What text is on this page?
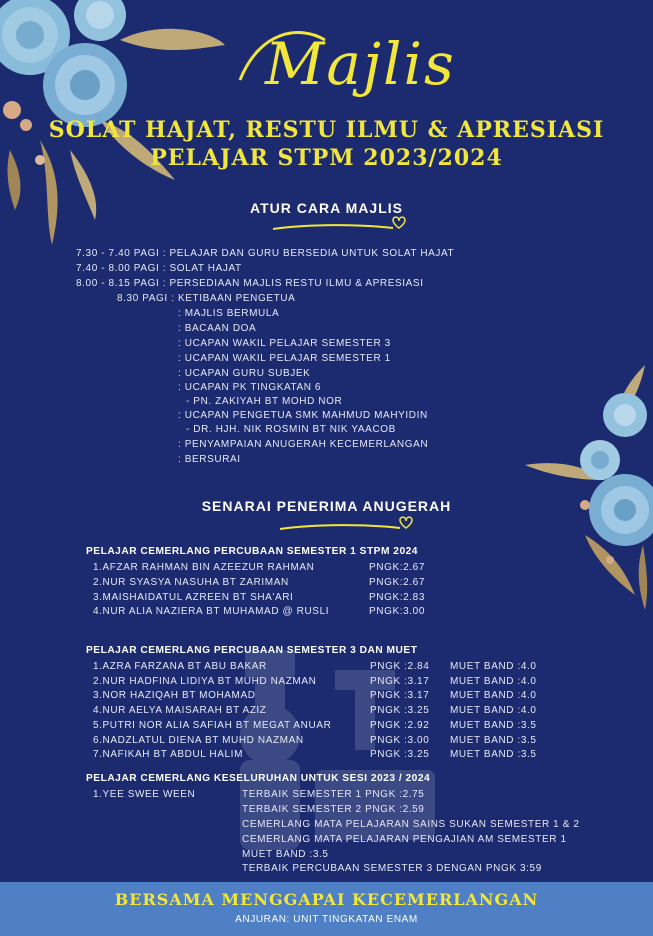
Majlis
SOLAT HAJAT, RESTU ILMU & APRESIASI
PELAJAR STPM 2023/2024
ATUR CARA MAJLIS
7.30 - 7.40 PAGI : PELAJAR DAN GURU BERSEDIA UNTUK SOLAT HAJAT
7.40 - 8.00 PAGI : SOLAT HAJAT
8.00 - 8.15 PAGI : PERSEDIAAN MAJLIS RESTU ILMU & APRESIASI
8.30 PAGI : KETIBAAN PENGETUA
: MAJLIS BERMULA
: BACAAN DOA
: UCAPAN WAKIL PELAJAR SEMESTER 3
: UCAPAN WAKIL PELAJAR SEMESTER 1
: UCAPAN GURU SUBJEK
: UCAPAN PK TINGKATAN 6
- PN. ZAKIYAH BT MOHD NOR
: UCAPAN PENGETUA SMK MAHMUD MAHYIDIN
- DR. HJH. NIK ROSMIN BT NIK YAACOB
: PENYAMPAIAN ANUGERAH KECEMERLANGAN
: BERSURAI
SENARAI PENERIMA ANUGERAH
PELAJAR CEMERLANG PERCUBAAN SEMESTER 1 STPM 2024
1.AFZAR RAHMAN BIN AZEEZUR RAHMAN	PNGK:2.67
2.NUR SYASYA NASUHA BT ZARIMAN	PNGK:2.67
3.MAISHAIDATUL AZREEN BT SHA'ARI	PNGK:2.83
4.NUR ALIA NAZIERA BT MUHAMAD @ RUSLI	PNGK:3.00
PELAJAR CEMERLANG PERCUBAAN SEMESTER 3 DAN MUET
1.AZRA FARZANA BT ABU BAKAR	PNGK :2.84 MUET BAND :4.0
2.NUR HADFINA LIDIYA BT MUHD NAZMAN	PNGK :3.17 MUET BAND :4.0
3.NOR HAZIQAH BT MOHAMAD	PNGK :3.17 MUET BAND :4.0
4.NUR AELYA MAISARAH BT AZIZ	PNGK :3.25 MUET BAND :4.0
5.PUTRI NOR ALIA SAFIAH BT MEGAT ANUAR	PNGK :2.92 MUET BAND :3.5
6.NADZLATUL DIENA BT MUHD NAZMAN	PNGK :3.00 MUET BAND :3.5
7.NAFIKAH BT ABDUL HALIM	PNGK :3.25 MUET BAND :3.5
PELAJAR CEMERLANG KESELURUHAN UNTUK SESI 2023 / 2024
1.YEE SWEE WEEN	TERBAIK SEMESTER 1 PNGK :2.75
TERBAIK SEMESTER 2 PNGK :2.59
CEMERLANG MATA PELAJARAN SAINS SUKAN SEMESTER 1 & 2
CEMERLANG MATA PELAJARAN PENGAJIAN AM SEMESTER 1
MUET BAND :3.5
TERBAIK PERCUBAAN SEMESTER 3 DENGAN PNGK 3:59
BERSAMA MENGGAPAI KECEMERLANGAN
ANJURAN: UNIT TINGKATAN ENAM
